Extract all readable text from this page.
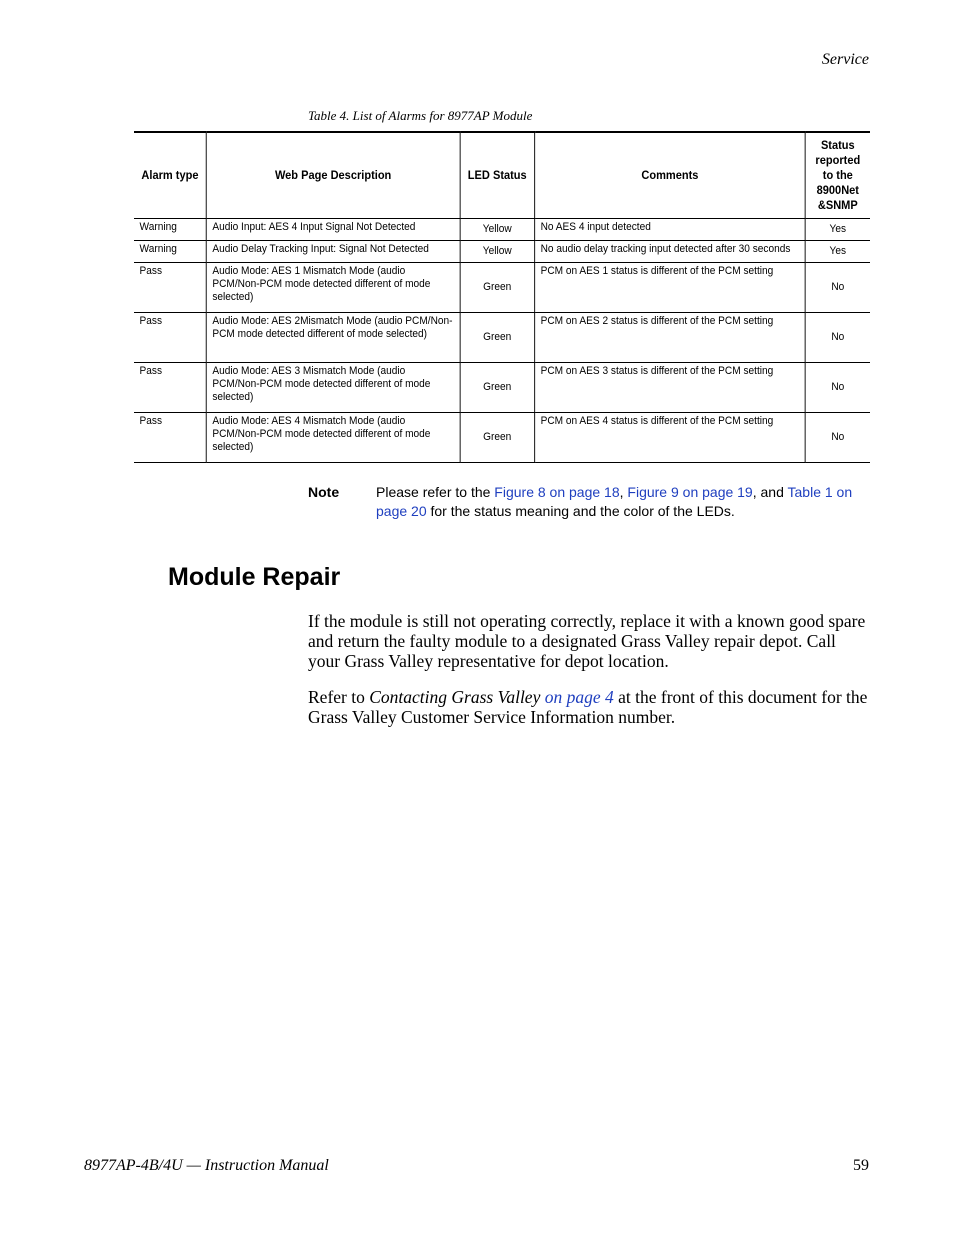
Service
Table 4. List of Alarms for 8977AP Module
Alarm type	Web Page Description	LED Status	Comments	Status reported to the 8900Net &SNMP
Warning	Audio Input: AES 4 Input Signal Not Detected	Yellow	No AES 4 input detected	Yes
Warning	Audio Delay Tracking Input: Signal Not Detected	Yellow	No audio delay tracking input detected after 30 seconds	Yes
Pass	Audio Mode: AES 1 Mismatch Mode (audio PCM/Non-PCM mode detected different of mode selected)	Green	PCM on AES 1 status is different of the PCM setting	No
Pass	Audio Mode: AES 2Mismatch Mode (audio PCM/Non-PCM mode detected different of mode selected)	Green	PCM on AES 2 status is different of the PCM setting	No
Pass	Audio Mode: AES 3 Mismatch Mode (audio PCM/Non-PCM mode detected different of mode selected)	Green	PCM on AES 3 status is different of the PCM setting	No
Pass	Audio Mode: AES 4 Mismatch Mode (audio PCM/Non-PCM mode detected different of mode selected)	Green	PCM on AES 4 status is different of the PCM setting	No
Note	Please refer to the Figure 8 on page 18, Figure 9 on page 19, and Table 1 on page 20 for the status meaning and the color of the LEDs.
Module Repair

If the module is still not operating correctly, replace it with a known good spare and return the faulty module to a designated Grass Valley repair depot. Call your Grass Valley representative for depot location.

Refer to Contacting Grass Valley on page 4 at the front of this document for the Grass Valley Customer Service Information number.

8977AP-4B/4U — Instruction Manual	59
